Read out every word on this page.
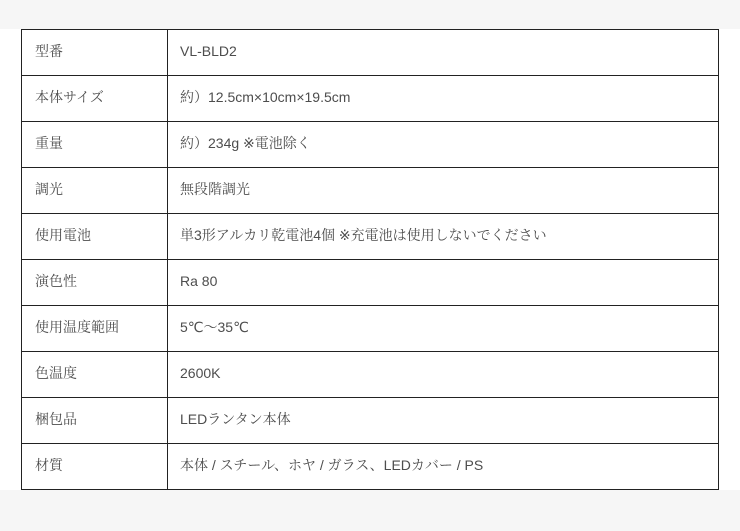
型番	VL-BLD2
本体サイズ	約）12.5cm×10cm×19.5cm
重量	約）234g ※電池除く
調光	無段階調光
使用電池	単3形アルカリ乾電池4個 ※充電池は使用しないでください
演色性	Ra 80
使用温度範囲	5℃～35℃
色温度	2600K
梱包品	LEDランタン本体
材質	本体 / スチール、ホヤ / ガラス、LEDカバー / PS
